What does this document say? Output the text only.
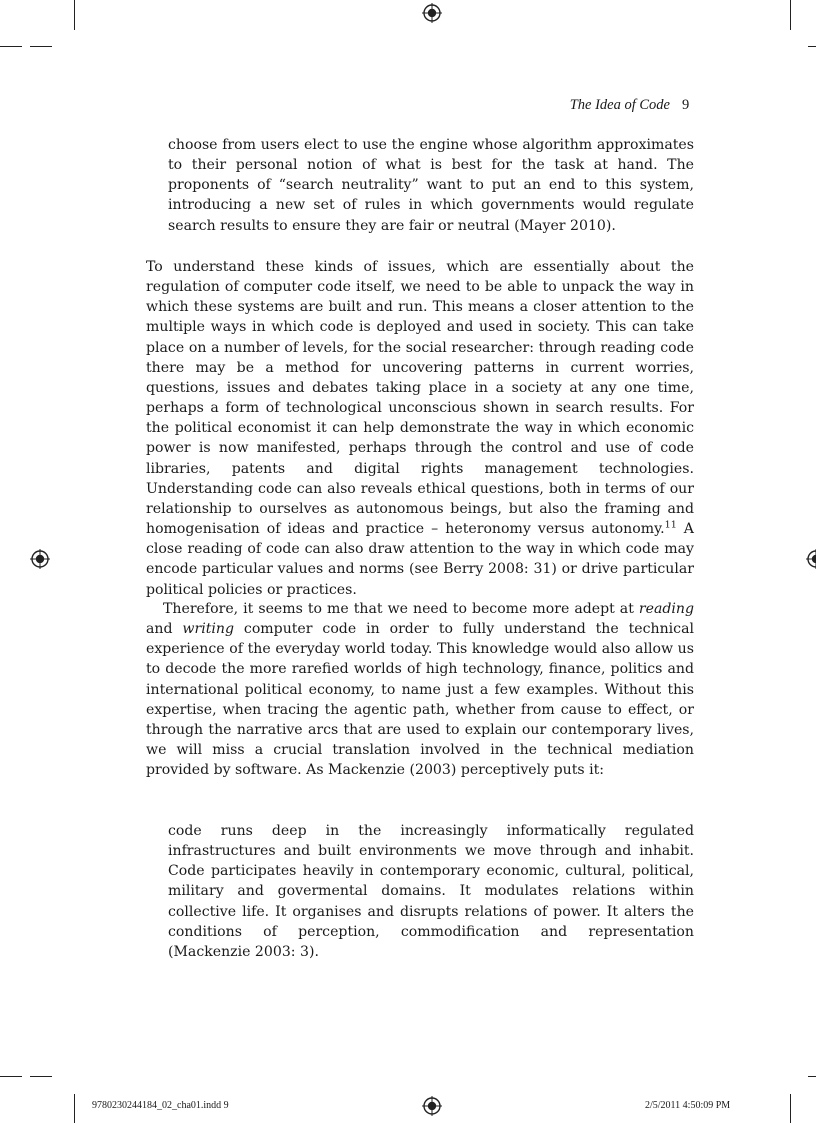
The Idea of Code 9
choose from users elect to use the engine whose algorithm approximates to their personal notion of what is best for the task at hand. The proponents of “search neutrality” want to put an end to this system, introducing a new set of rules in which governments would regulate search results to ensure they are fair or neutral (Mayer 2010).
To understand these kinds of issues, which are essentially about the regulation of computer code itself, we need to be able to unpack the way in which these systems are built and run. This means a closer attention to the multiple ways in which code is deployed and used in society. This can take place on a number of levels, for the social researcher: through reading code there may be a method for uncovering patterns in current worries, questions, issues and debates taking place in a society at any one time, perhaps a form of technological unconscious shown in search results. For the political economist it can help demonstrate the way in which economic power is now manifested, perhaps through the control and use of code libraries, patents and digital rights management technologies. Understanding code can also reveals ethical questions, both in terms of our relationship to ourselves as autonomous beings, but also the framing and homogenisation of ideas and practice – heteronomy versus autonomy.$^{11}$ A close reading of code can also draw attention to the way in which code may encode particular values and norms (see Berry 2008: 31) or drive particular political policies or practices.
Therefore, it seems to me that we need to become more adept at reading and writing computer code in order to fully understand the technical experience of the everyday world today. This knowledge would also allow us to decode the more rarefied worlds of high technology, finance, politics and international political economy, to name just a few examples. Without this expertise, when tracing the agentic path, whether from cause to effect, or through the narrative arcs that are used to explain our contemporary lives, we will miss a crucial translation involved in the technical mediation provided by software. As Mackenzie (2003) perceptively puts it:
code runs deep in the increasingly informatically regulated infrastructures and built environments we move through and inhabit. Code participates heavily in contemporary economic, cultural, political, military and govermental domains. It modulates relations within collective life. It organises and disrupts relations of power. It alters the conditions of perception, commodification and representation (Mackenzie 2003: 3).
9780230244184_02_cha01.indd 9	2/5/2011 4:50:09 PM
